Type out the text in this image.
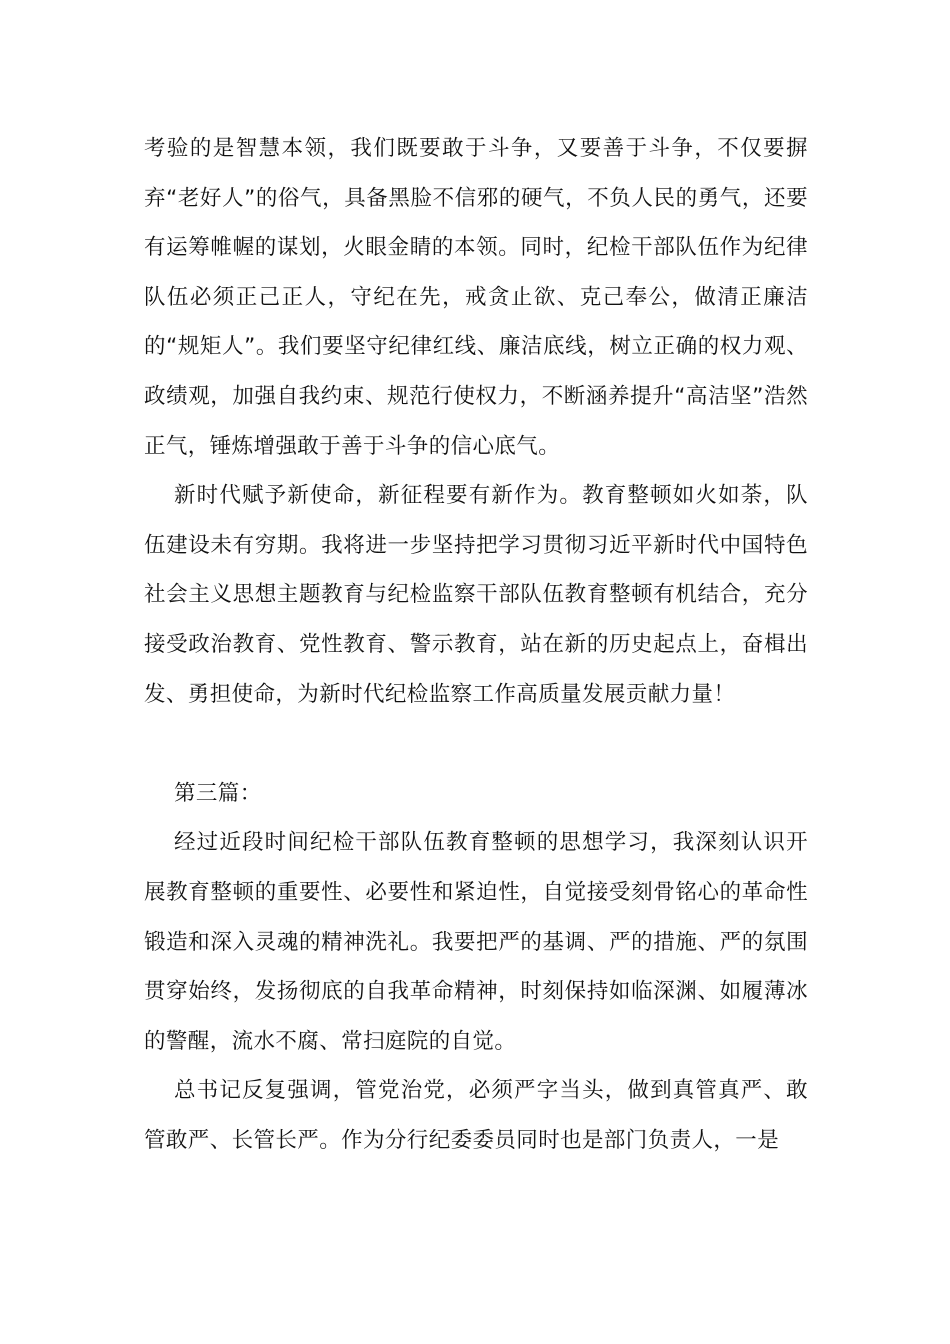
考验的是智慧本领，我们既要敢于斗争，又要善于斗争，不仅要摒弃“老好人”的俗气，具备黑脸不信邪的硬气，不负人民的勇气，还要有运筹帷幄的谋划，火眼金睛的本领。同时，纪检干部队伍作为纪律队伍必须正己正人，守纪在先，戒贪止欲、克己奉公，做清正廉洁的“规矩人”。我们要坚守纪律红线、廉洁底线，树立正确的权力观、政绩观，加强自我约束、规范行使权力，不断涵养提升“高洁坚”浩然正气，锤炼增强敢于善于斗争的信心底气。

新时代赋予新使命，新征程要有新作为。教育整顿如火如荼，队伍建设未有穷期。我将进一步坚持把学习贯彻习近平新时代中国特色社会主义思想主题教育与纪检监察干部队伍教育整顿有机结合，充分接受政治教育、党性教育、警示教育，站在新的历史起点上，奋楫出发、勇担使命，为新时代纪检监察工作高质量发展贡献力量！

第三篇：

经过近段时间纪检干部队伍教育整顿的思想学习，我深刻认识开展教育整顿的重要性、必要性和紧迫性，自觉接受刻骨铭心的革命性锻造和深入灵魂的精神洗礼。我要把严的基调、严的措施、严的氛围贯穿始终，发扬彻底的自我革命精神，时刻保持如临深渊、如履薄冰的警醒，流水不腐、常扫庭院的自觉。

总书记反复强调，管党治党，必须严字当头，做到真管真严、敢管敢严、长管长严。作为分行纪委委员同时也是部门负责人，一是
